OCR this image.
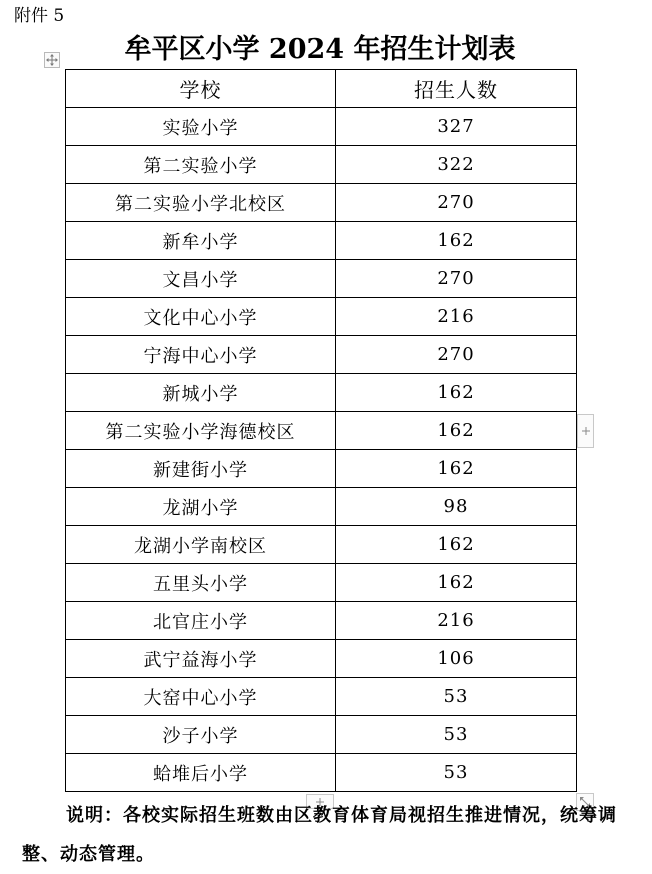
附件 5
牟平区小学 2024 年招生计划表
学校	招生人数
实验小学	327
第二实验小学	322
第二实验小学北校区	270
新牟小学	162
文昌小学	270
文化中心小学	216
宁海中心小学	270
新城小学	162
第二实验小学海德校区	162
新建街小学	162
龙湖小学	98
龙湖小学南校区	162
五里头小学	162
北官庄小学	216
武宁益海小学	106
大窑中心小学	53
沙子小学	53
蛤堆后小学	53
说明：各校实际招生班数由区教育体育局视招生推进情况，统筹调整、动态管理。
